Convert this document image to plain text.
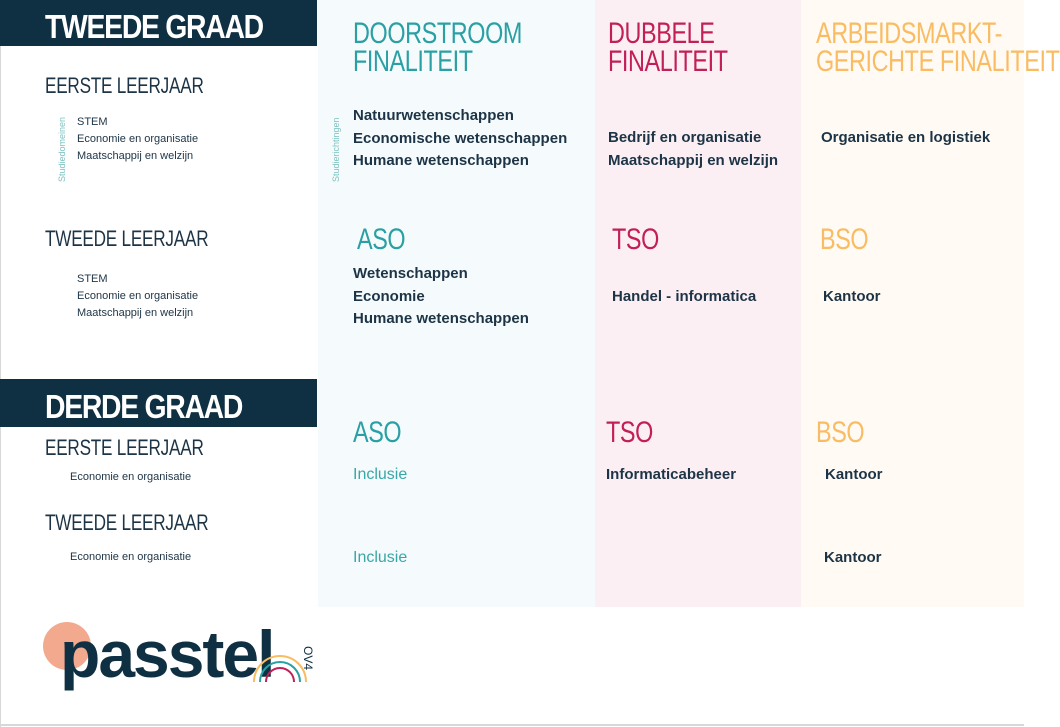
TWEEDE GRAAD
EERSTE LEERJAAR
Studiedomeinen STEM
Economie en organisatie
Maatschappij en welzijn
TWEEDE LEERJAAR
STEM
Economie en organisatie
Maatschappij en welzijn
DERDE GRAAD
EERSTE LEERJAAR
Economie en organisatie
TWEEDE LEERJAAR
Economie en organisatie
DOORSTROOM
FINALITEIT
Studierichtingen
Natuurwetenschappen
Economische wetenschappen
Humane wetenschappen
ASO
Wetenschappen
Economie
Humane wetenschappen
ASO
Inclusie
Inclusie
DUBBELE
FINALITEIT
Bedrijf en organisatie
Maatschappij en welzijn
TSO
Handel - informatica
TSO
Informaticabeheer
ARBEIDSMARKT-
GERICHTE FINALITEIT
Organisatie en logistiek
BSO
Kantoor
BSO
Kantoor
Kantoor
passtel OV4
